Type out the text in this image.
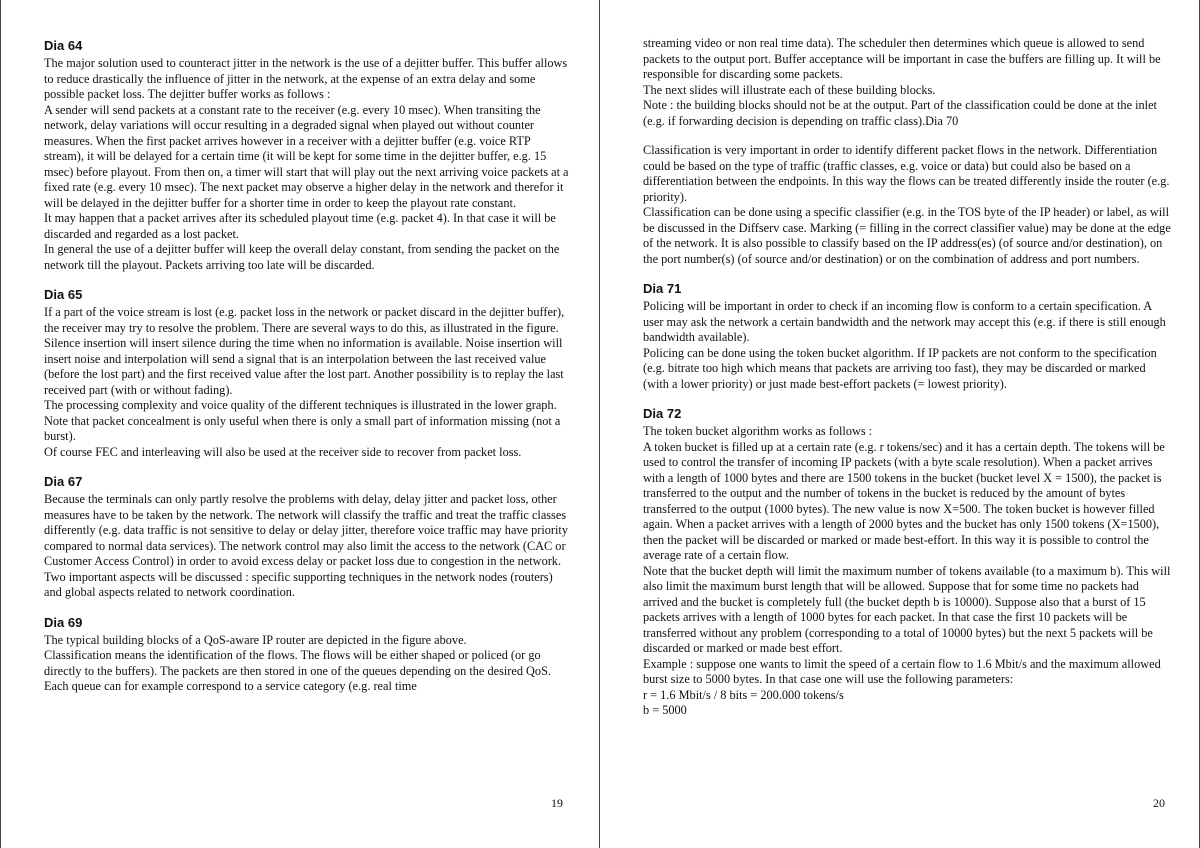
Dia 64

The major solution used to counteract jitter in the network is the use of a dejitter buffer. This buffer allows to reduce drastically the influence of jitter in the network, at the expense of an extra delay and some possible packet loss. The dejitter buffer works as follows :

A sender will send packets at a constant rate to the receiver (e.g. every 10 msec). When transiting the network, delay variations will occur resulting in a degraded signal when played out without counter measures. When the first packet arrives however in a receiver with a dejitter buffer (e.g. voice RTP stream), it will be delayed for a certain time (it will be kept for some time in the dejitter buffer, e.g. 15 msec) before playout. From then on, a timer will start that will play out the next arriving voice packets at a fixed rate (e.g. every 10 msec). The next packet may observe a higher delay in the network and therefor it will be delayed in the dejitter buffer for a shorter time in order to keep the playout rate constant.

It may happen that a packet arrives after its scheduled playout time (e.g. packet 4). In that case it will be discarded and regarded as a lost packet.

In general the use of a dejitter buffer will keep the overall delay constant, from sending the packet on the network till the playout. Packets arriving too late will be discarded.

Dia 65

If a part of the voice stream is lost (e.g. packet loss in the network or packet discard in the dejitter buffer), the receiver may try to resolve the problem. There are several ways to do this, as illustrated in the figure. Silence insertion will insert silence during the time when no information is available. Noise insertion will insert noise and interpolation will send a signal that is an interpolation between the last received value (before the lost part) and the first received value after the lost part. Another possibility is to replay the last received part (with or without fading).

The processing complexity and voice quality of the different techniques is illustrated in the lower graph.

Note that packet concealment is only useful when there is only a small part of information missing (not a burst).

Of course FEC and interleaving will also be used at the receiver side to recover from packet loss.

Dia 67

Because the terminals can only partly resolve the problems with delay, delay jitter and packet loss, other measures have to be taken by the network. The network will classify the traffic and treat the traffic classes differently (e.g. data traffic is not sensitive to delay or delay jitter, therefore voice traffic may have priority compared to normal data services). The network control may also limit the access to the network (CAC or Customer Access Control) in order to avoid excess delay or packet loss due to congestion in the network.

Two important aspects will be discussed : specific supporting techniques in the network nodes (routers) and global aspects related to network coordination.

Dia 69

The typical building blocks of a QoS-aware IP router are depicted in the figure above.

Classification means the identification of the flows. The flows will be either shaped or policed (or go directly to the buffers). The packets are then stored in one of the queues depending on the desired QoS. Each queue can for example correspond to a service category (e.g. real time

19

streaming video or non real time data). The scheduler then determines which queue is allowed to send packets to the output port. Buffer acceptance will be important in case the buffers are filling up. It will be responsible for discarding some packets.

The next slides will illustrate each of these building blocks.

Note : the building blocks should not be at the output. Part of the classification could be done at the inlet (e.g. if forwarding decision is depending on traffic class).Dia 70

Classification is very important in order to identify different packet flows in the network. Differentiation could be based on the type of traffic (traffic classes, e.g. voice or data) but could also be based on a differentiation between the endpoints. In this way the flows can be treated differently inside the router (e.g. priority).

Classification can be done using a specific classifier (e.g. in the TOS byte of the IP header) or label, as will be discussed in the Diffserv case. Marking (= filling in the correct classifier value) may be done at the edge of the network. It is also possible to classify based on the IP address(es) (of source and/or destination), on the port number(s) (of source and/or destination) or on the combination of address and port numbers.

Dia 71

Policing will be important in order to check if an incoming flow is conform to a certain specification. A user may ask the network a certain bandwidth and the network may accept this (e.g. if there is still enough bandwidth available).

Policing can be done using the token bucket algorithm. If IP packets are not conform to the specification (e.g. bitrate too high which means that packets are arriving too fast), they may be discarded or marked (with a lower priority) or just made best-effort packets (= lowest priority).

Dia 72

The token bucket algorithm works as follows :

A token bucket is filled up at a certain rate (e.g. r tokens/sec) and it has a certain depth. The tokens will be used to control the transfer of incoming IP packets (with a byte scale resolution). When a packet arrives with a length of 1000 bytes and there are 1500 tokens in the bucket (bucket level X = 1500), the packet is transferred to the output and the number of tokens in the bucket is reduced by the amount of bytes transferred to the output (1000 bytes). The new value is now X=500. The token bucket is however filled again. When a packet arrives with a length of 2000 bytes and the bucket has only 1500 tokens (X=1500), then the packet will be discarded or marked or made best-effort. In this way it is possible to control the average rate of a certain flow.

Note that the bucket depth will limit the maximum number of tokens available (to a maximum b). This will also limit the maximum burst length that will be allowed. Suppose that for some time no packets had arrived and the bucket is completely full (the bucket depth b is 10000). Suppose also that a burst of 15 packets arrives with a length of 1000 bytes for each packet. In that case the first 10 packets will be transferred without any problem (corresponding to a total of 10000 bytes) but the next 5 packets will be discarded or marked or made best effort.

Example : suppose one wants to limit the speed of a certain flow to 1.6 Mbit/s and the maximum allowed burst size to 5000 bytes. In that case one will use the following parameters:

r = 1.6 Mbit/s / 8 bits = 200.000 tokens/s

b = 5000

20
